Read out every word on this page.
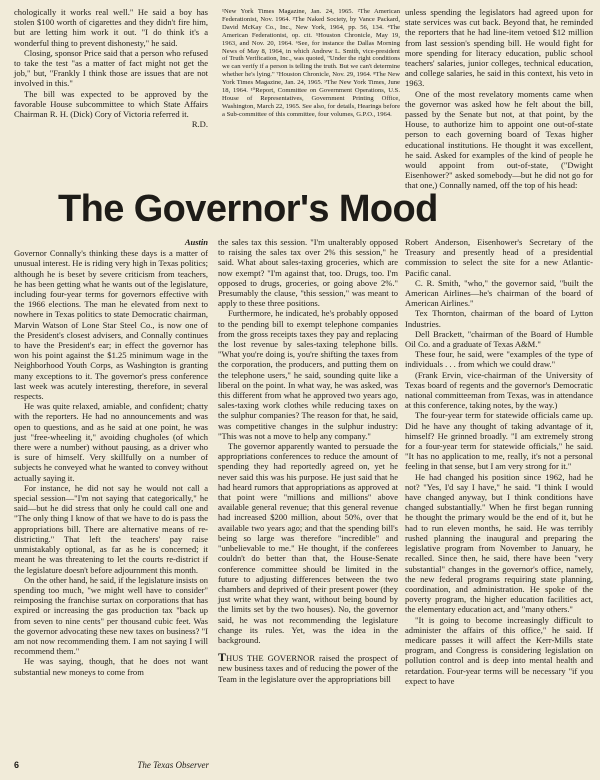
chologically it works real well." He said a boy has stolen $100 worth of cigarettes and they didn't fire him, but are letting him work it out. "I do think it's a wonderful thing to prevent dishonesty," he said.

Closing, sponsor Price said that a person who refused to take the test "as a matter of fact might not get the job," but, "Frankly I think those are issues that are not involved in this."

The bill was expected to be approved by the favorable House subcommittee to which State Affairs Chairman R. H. (Dick) Cory of Victoria referred it.

R.D.

¹New York Times Magazine, Jan. 24, 1965. ²The American Federationist, Nov. 1964. ³The Naked Society, by Vance Packard, David McKay Co., Inc., New York, 1964, pp. 56, 134. ⁴The American Federationist, op. cit. ⁵Houston Chronicle, May 19, 1963, and Nov. 20, 1964. ⁶See, for instance the Dallas Morning News of May 8, 1964, in which Andrew L. Smith, vice-president of Truth Verification, Inc., was quoted, "Under the right conditions we can verify if a person is telling the truth. But we can't determine whether he's lying." ⁷Houston Chronicle, Nov. 29, 1964. ⁸The New York Times Magazine, Jan. 24, 1965. ⁹The New York Times, June 18, 1964. ¹⁰Report, Committee on Government Operations, U.S. House of Representatives, Government Printing Office, Washington, March 22, 1965. See also, for details, Hearings before a Sub-committee of this committee, four volumes, G.P.O., 1964.

unless spending the legislators had agreed upon for state services was cut back. Beyond that, he reminded the reporters that he had line-item vetoed $12 million from last session's spending bill. He would fight for more spending for literacy education, public school teachers' salaries, junior colleges, technical education, and college salaries, he said in this context, his veto in 1963.

One of the most revelatory moments came when the governor was asked how he felt about the bill, passed by the Senate but not, at that point, by the House, to authorize him to appoint one out-of-state person to each governing board of Texas higher educational institutions. He thought it was excellent, he said. Asked for examples of the kind of people he would appoint from out-of-state, ("Dwight Eisenhower?" asked somebody—but he did not go for that one,) Connally named, off the top of his head:

The Governor's Mood
Austin

Governor Connally's thinking these days is a matter of unusual interest. He is riding very high in Texas politics; although he is beset by severe criticism from teachers, he has been getting what he wants out of the legislature, including four-year terms for governors effective with the 1966 elections. The man he elevated from next to nowhere in Texas politics to state Democratic chairman, Marvin Watson of Lone Star Steel Co., is now one of the President's closest advisers, and Connally continues to have the President's ear; in effect the governor has won his point against the $1.25 minimum wage in the Neighborhood Youth Corps, as Washington is granting many exceptions to it. The governor's press conference last week was acutely interesting, therefore, in several respects.

He was quite relaxed, amiable, and confident; chatty with the reporters. He had no announcements and was open to questions, and as he said at one point, he was just "free-wheeling it," avoiding chugholes (of which there were a number) without pausing, as a driver who is sure of himself. Very skillfully on a number of subjects he conveyed what he wanted to convey without actually saying it.

For instance, he did not say he would not call a special session—"I'm not saying that categorically," he said—but he did stress that only he could call one and "The only thing I know of that we have to do is pass the appropriations bill. There are alternative means of re-districting." That left the teachers' pay raise unmistakably optional, as far as he is concerned; it meant he was threatening to let the courts re-district if the legislature doesn't before adjournment this month.

On the other hand, he said, if the legislature insists on spending too much, "we might well have to consider" reimposing the franchise surtax on corporations that has expired or increasing the gas production tax "back up from seven to nine cents" per thousand cubic feet. Was the governor advocating these new taxes on business? "I am not now recommending them. I am not saying I will recommend them."

He was saying, though, that he does not want substantial new moneys to come from

the sales tax this session. "I'm unalterably opposed to raising the sales tax over 2% this session," he said. What about sales-taxing groceries, which are now exempt? "I'm against that, too. Drugs, too. I'm opposed to drugs, groceries, or going above 2%." Presumably the clause, "this session," was meant to apply to these three positions.

Furthermore, he indicated, he's probably opposed to the pending bill to exempt telephone companies from the gross receipts taxes they pay and replacing the lost revenue by sales-taxing telephone bills. "What you're doing is, you're shifting the taxes from the corporation, the producers, and putting them on the telephone users," he said, sounding quite like a liberal on the point. In what way, he was asked, was this different from what he approved two years ago, sales-taxing work clothes while reducing taxes on the sulphur companies? The reason for that, he said, was competitive changes in the sulphur industry: "This was not a move to help any company."

The governor apparently wanted to persuade the appropriations conferences to reduce the amount of spending they had reportedly agreed on, yet he never said this was his purpose. He just said that he had heard rumors that appropriations as approved at that point were "millions and millions" above available general revenue; that this general revenue had increased $200 million, about 50%, over that available two years ago; and that the spending bill's being so large was therefore "incredible" and "unbelievable to me." He thought, if the conferees couldn't do better than that, the House-Senate conference committee should be limited in the future to adjusting differences between the two chambers and deprived of their present power (they just write what they want, without being bound by the limits set by the two houses). No, the governor said, he was not recommending the legislature change its rules. Yet, was the idea in the background.

THUS THE GOVERNOR raised the prospect of new business taxes and of reducing the power of the Team in the legislature over the appropriations bill

Robert Anderson, Eisenhower's Secretary of the Treasury and presently head of a presidential commission to select the site for a new Atlantic-Pacific canal.

C. R. Smith, "who," the governor said, "built the American Airlines—he's chairman of the board of American Airlines."

Tex Thornton, chairman of the board of Lytton Industries.

Dell Brackett, "chairman of the Board of Humble Oil Co. and a graduate of Texas A&M."

These four, he said, were "examples of the type of individuals . . . from which we could draw."

(Frank Ervin, vice-chairman of the University of Texas board of regents and the governor's Democratic national committeeman from Texas, was in attendance at this conference, taking notes, by the way.)

The four-year term for statewide officials came up. Did he have any thought of taking advantage of it, himself? He grinned broadly. "I am extremely strong for a four-year term for statewide officials," he said. "It has no application to me, really, it's not a personal feeling in that sense, but I am very strong for it."

He had changed his position since 1962, had he not? "Yes, I'd say I have," he said. "I think I would have changed anyway, but I think conditions have changed substantially." When he first began running he thought the primary would be the end of it, but he had to run eleven months, he said. He was terribly rushed planning the inaugural and preparing the legislative program from November to January, he recalled. Since then, he said, there have been "very substantial" changes in the governor's office, namely, the new federal programs requiring state planning, coordination, and administration. He spoke of the poverty program, the higher education facilities act, the elementary education act, and "many others."

"It is going to become increasingly difficult to administer the affairs of this office," he said. If medicare passes it will affect the Kerr-Mills state program, and Congress is considering legislation on pollution control and is deep into mental health and retardation. Four-year terms will be necessary "if you expect to have

6	The Texas Observer
